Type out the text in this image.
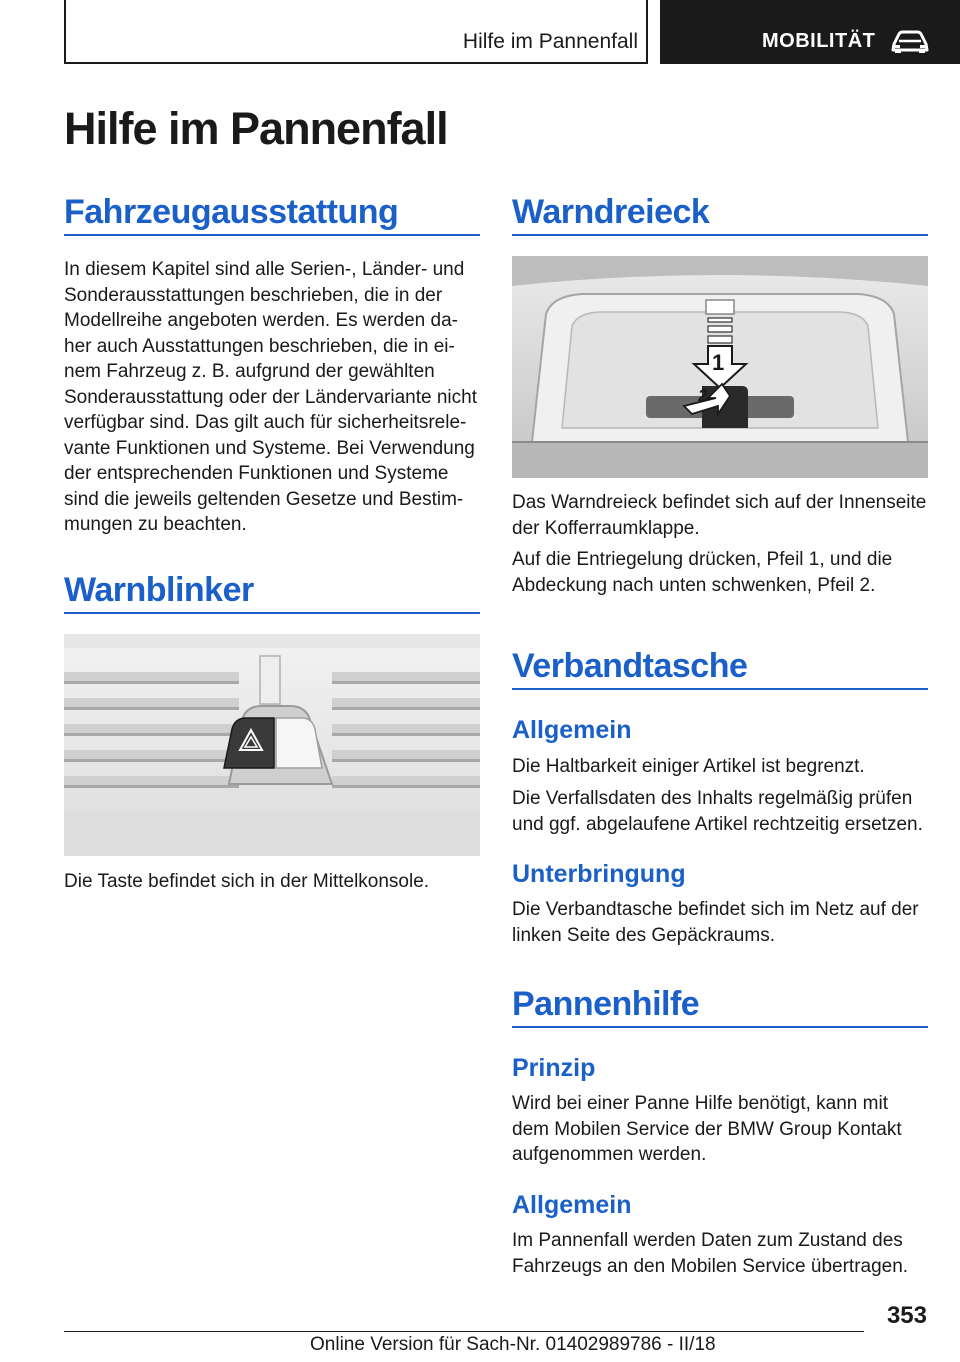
Hilfe im Pannenfall	MOBILITÄT
Hilfe im Pannenfall
Fahrzeugausstattung
In diesem Kapitel sind alle Serien-, Länder- und
Sonderausstattungen beschrieben, die in der
Modellreihe angeboten werden. Es werden da-
her auch Ausstattungen beschrieben, die in ei-
nem Fahrzeug z. B. aufgrund der gewählten
Sonderausstattung oder der Ländervariante nicht
verfügbar sind. Das gilt auch für sicherheitsrele-
vante Funktionen und Systeme. Bei Verwendung
der entsprechenden Funktionen und Systeme
sind die jeweils geltenden Gesetze und Bestim-
mungen zu beachten.
Warnblinker
Die Taste befindet sich in der Mittelkonsole.
Warndreieck
1
2
Das Warndreieck befindet sich auf der Innenseite
der Kofferraumklappe.
Auf die Entriegelung drücken, Pfeil 1, und die
Abdeckung nach unten schwenken, Pfeil 2.
Verbandtasche
Allgemein
Die Haltbarkeit einiger Artikel ist begrenzt.
Die Verfallsdaten des Inhalts regelmäßig prüfen
und ggf. abgelaufene Artikel rechtzeitig ersetzen.
Unterbringung
Die Verbandtasche befindet sich im Netz auf der
linken Seite des Gepäckraums.
Pannenhilfe
Prinzip
Wird bei einer Panne Hilfe benötigt, kann mit
dem Mobilen Service der BMW Group Kontakt
aufgenommen werden.
Allgemein
Im Pannenfall werden Daten zum Zustand des
Fahrzeugs an den Mobilen Service übertragen.
353
Online Version für Sach-Nr. 01402989786 - II/18
